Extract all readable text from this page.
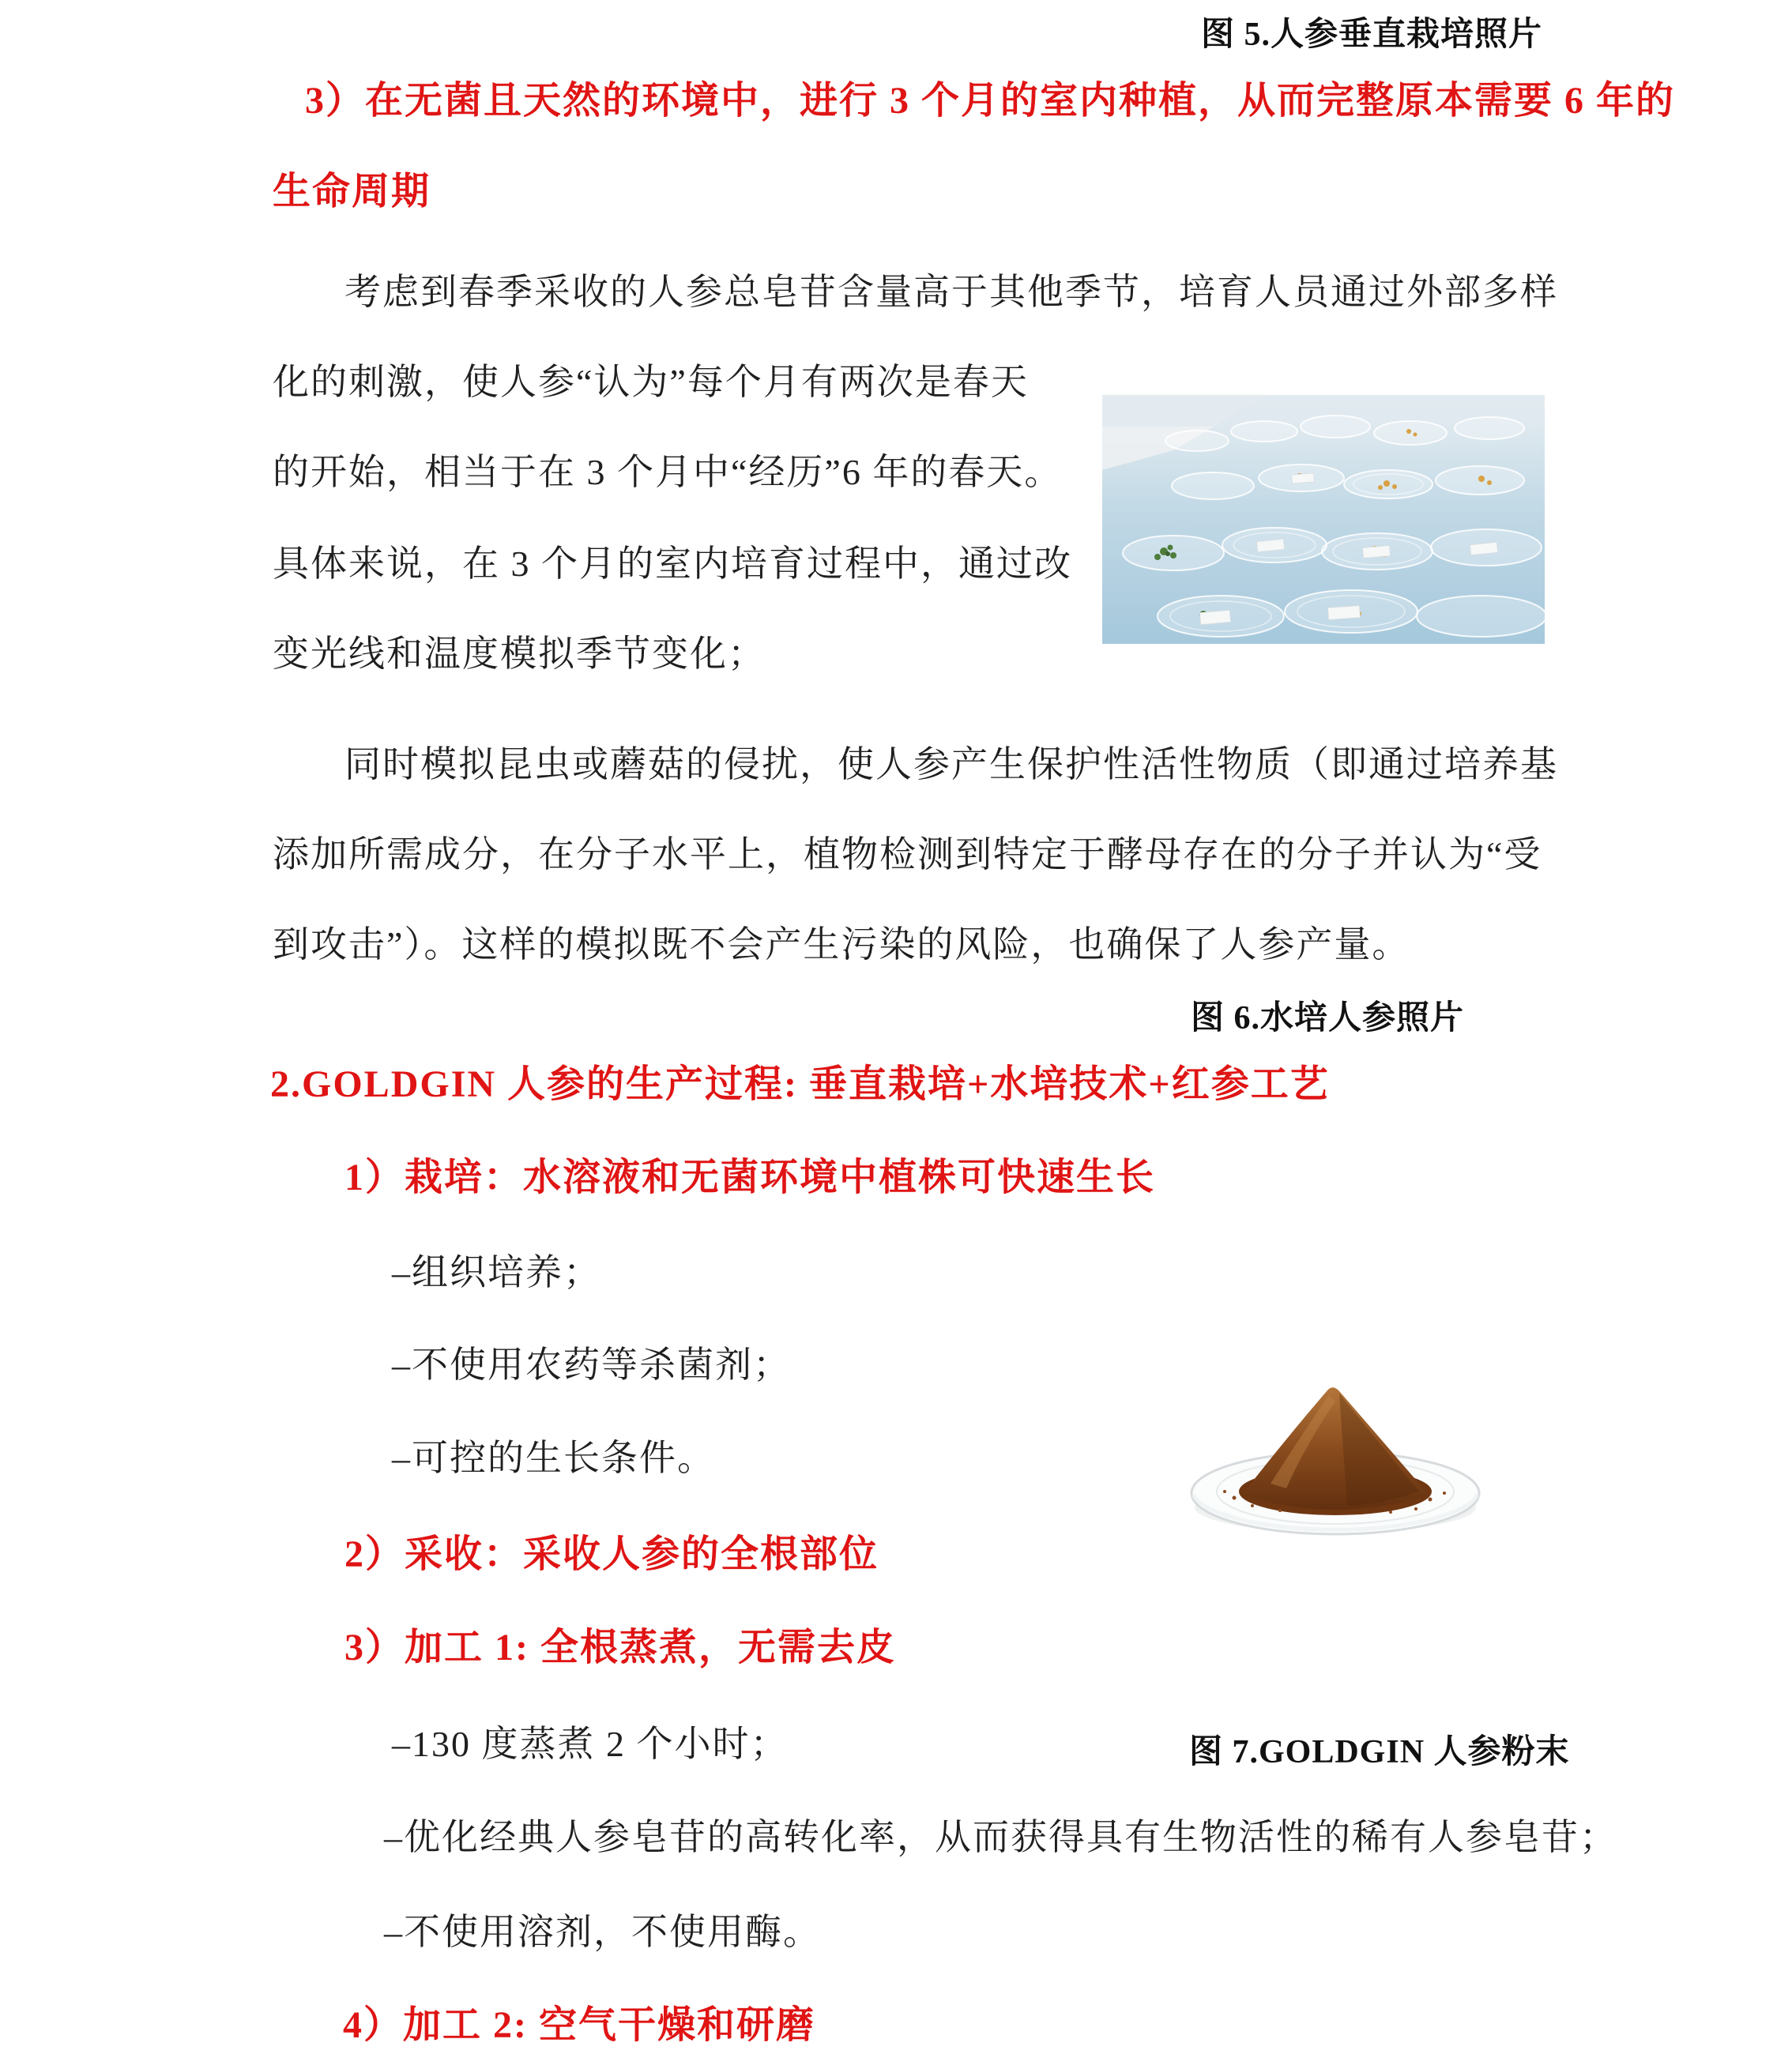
图 5.人参垂直栽培照片
3）在无菌且天然的环境中，进行 3 个月的室内种植，从而完整原本需要 6 年的
生命周期
考虑到春季采收的人参总皂苷含量高于其他季节，培育人员通过外部多样
化的刺激，使人参“认为”每个月有两次是春天
的开始，相当于在 3 个月中“经历”6 年的春天。
具体来说，在 3 个月的室内培育过程中，通过改
变光线和温度模拟季节变化；
同时模拟昆虫或蘑菇的侵扰，使人参产生保护性活性物质（即通过培养基
添加所需成分，在分子水平上，植物检测到特定于酵母存在的分子并认为“受
到攻击”）。这样的模拟既不会产生污染的风险，也确保了人参产量。
图 6.水培人参照片
2.GOLDGIN 人参的生产过程: 垂直栽培+水培技术+红参工艺
1）栽培：水溶液和无菌环境中植株可快速生长
–组织培养；
–不使用农药等杀菌剂；
–可控的生长条件。
2）采收：采收人参的全根部位
3）加工 1: 全根蒸煮，无需去皮
–130 度蒸煮 2 个小时；	图 7.GOLDGIN 人参粉末
–优化经典人参皂苷的高转化率，从而获得具有生物活性的稀有人参皂苷；
–不使用溶剂，不使用酶。
4）加工 2: 空气干燥和研磨
